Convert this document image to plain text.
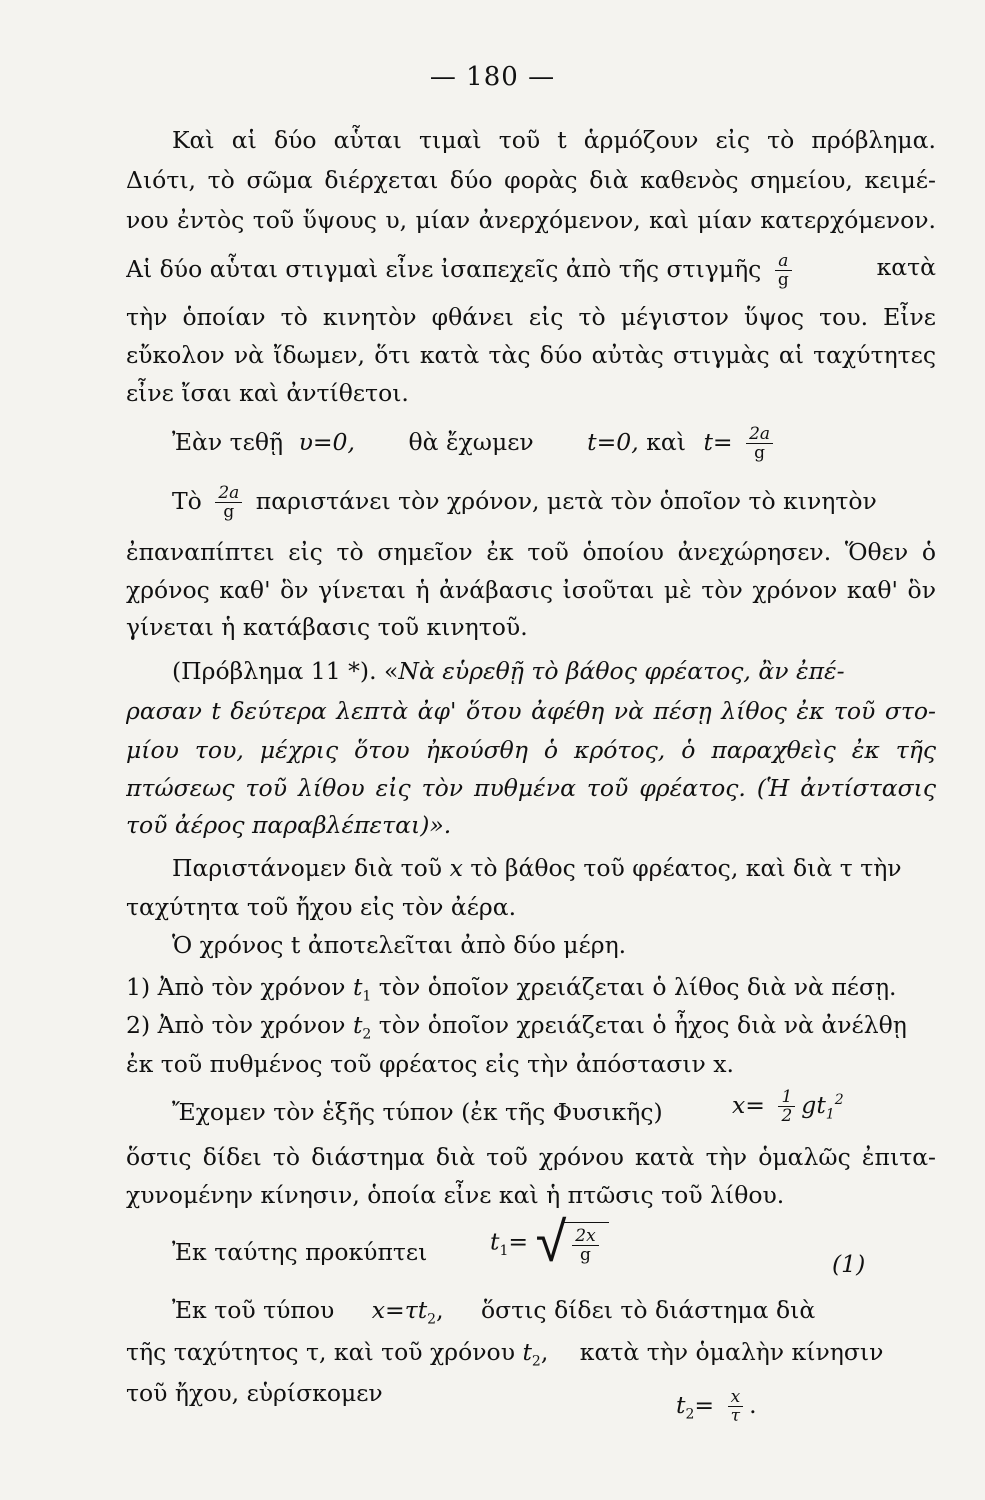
— 180 —
Καὶ αἱ δύο αὗται τιμαὶ τοῦ t ἁρμόζουν εἰς τὸ πρόβλημα.
Διότι, τὸ σῶμα διέρχεται δύο φορὰς διὰ καθενὸς σημείου, κειμέ-
νου ἐντὸς τοῦ ὕψους υ, μίαν ἀνερχόμενον, καὶ μίαν κατερχόμενον.
Αἱ δύο αὗται στιγμαὶ εἶνε ἰσαπεχεῖς ἀπὸ τῆς στιγμῆς $\frac{a}{g}$	κατὰ
τὴν ὁποίαν τὸ κινητὸν φθάνει εἰς τὸ μέγιστον ὕψος του. Εἶνε
εὔκολον νὰ ἴδωμεν, ὅτι κατὰ τὰς δύο αὐτὰς στιγμὰς αἱ ταχύτητες
εἶνε ἴσαι καὶ ἀντίθετοι.
Ἐὰν τεθῇ υ=0, θὰ ἔχωμεν t=0, καὶ $t= \frac{2a}{g}$
Τὸ $\frac{2a}{g}$ παριστάνει τὸν χρόνον, μετὰ τὸν ὁποῖον τὸ κινητὸν
ἐπαναπίπτει εἰς τὸ σημεῖον ἐκ τοῦ ὁποίου ἀνεχώρησεν. Ὅθεν ὁ
χρόνος καθ' ὃν γίνεται ἡ ἀνάβασις ἰσοῦται μὲ τὸν χρόνον καθ' ὃν
γίνεται ἡ κατάβασις τοῦ κινητοῦ.
(Πρόβλημα 11 *). «Νὰ εὑρεθῇ τὸ βάθος φρέατος, ἂν ἐπέ-
ρασαν t δεύτερα λεπτὰ ἀφ' ὅτου ἀφέθη νὰ πέσῃ λίθος ἐκ τοῦ στο-
μίου του, μέχρις ὅτου ἠκούσθη ὁ κρότος, ὁ παραχθεὶς ἐκ τῆς
πτώσεως τοῦ λίθου εἰς τὸν πυθμένα τοῦ φρέατος. (Ἡ ἀντίστασις
τοῦ ἀέρος παραβλέπεται)».
Παριστάνομεν διὰ τοῦ x τὸ βάθος τοῦ φρέατος, καὶ διὰ τ τὴν
ταχύτητα τοῦ ἤχου εἰς τὸν ἀέρα.
Ὁ χρόνος t ἀποτελεῖται ἀπὸ δύο μέρη.
1) Ἀπὸ τὸν χρόνον $t_1$ τὸν ὁποῖον χρειάζεται ὁ λίθος διὰ νὰ πέσῃ.
2) Ἀπὸ τὸν χρόνον $t_2$ τὸν ὁποῖον χρειάζεται ὁ ἦχος διὰ νὰ ἀνέλθῃ
ἐκ τοῦ πυθμένος τοῦ φρέατος εἰς τὴν ἀπόστασιν x.
Ἔχομεν τὸν ἑξῆς τύπον (ἐκ τῆς Φυσικῆς)	$x= \frac{1}{2} gt_1^2$
ὅστις δίδει τὸ διάστημα διὰ τοῦ χρόνου κατὰ τὴν ὁμαλῶς ἐπιτα-
χυνομένην κίνησιν, ὁποία εἶνε καὶ ἡ πτῶσις τοῦ λίθου.
Ἐκ ταύτης προκύπτει	$t_1=$ √ $\frac{2x}{g}$	(1)
Ἐκ τοῦ τύπου $x=\tau t_2$, ὅστις δίδει τὸ διάστημα διὰ
τῆς ταχύτητος τ, καὶ τοῦ χρόνου $t_2$, κατὰ τὴν ὁμαλὴν κίνησιν
τοῦ ἤχου, εὑρίσκομεν	$t_2= \frac{x}{\tau}$ .
